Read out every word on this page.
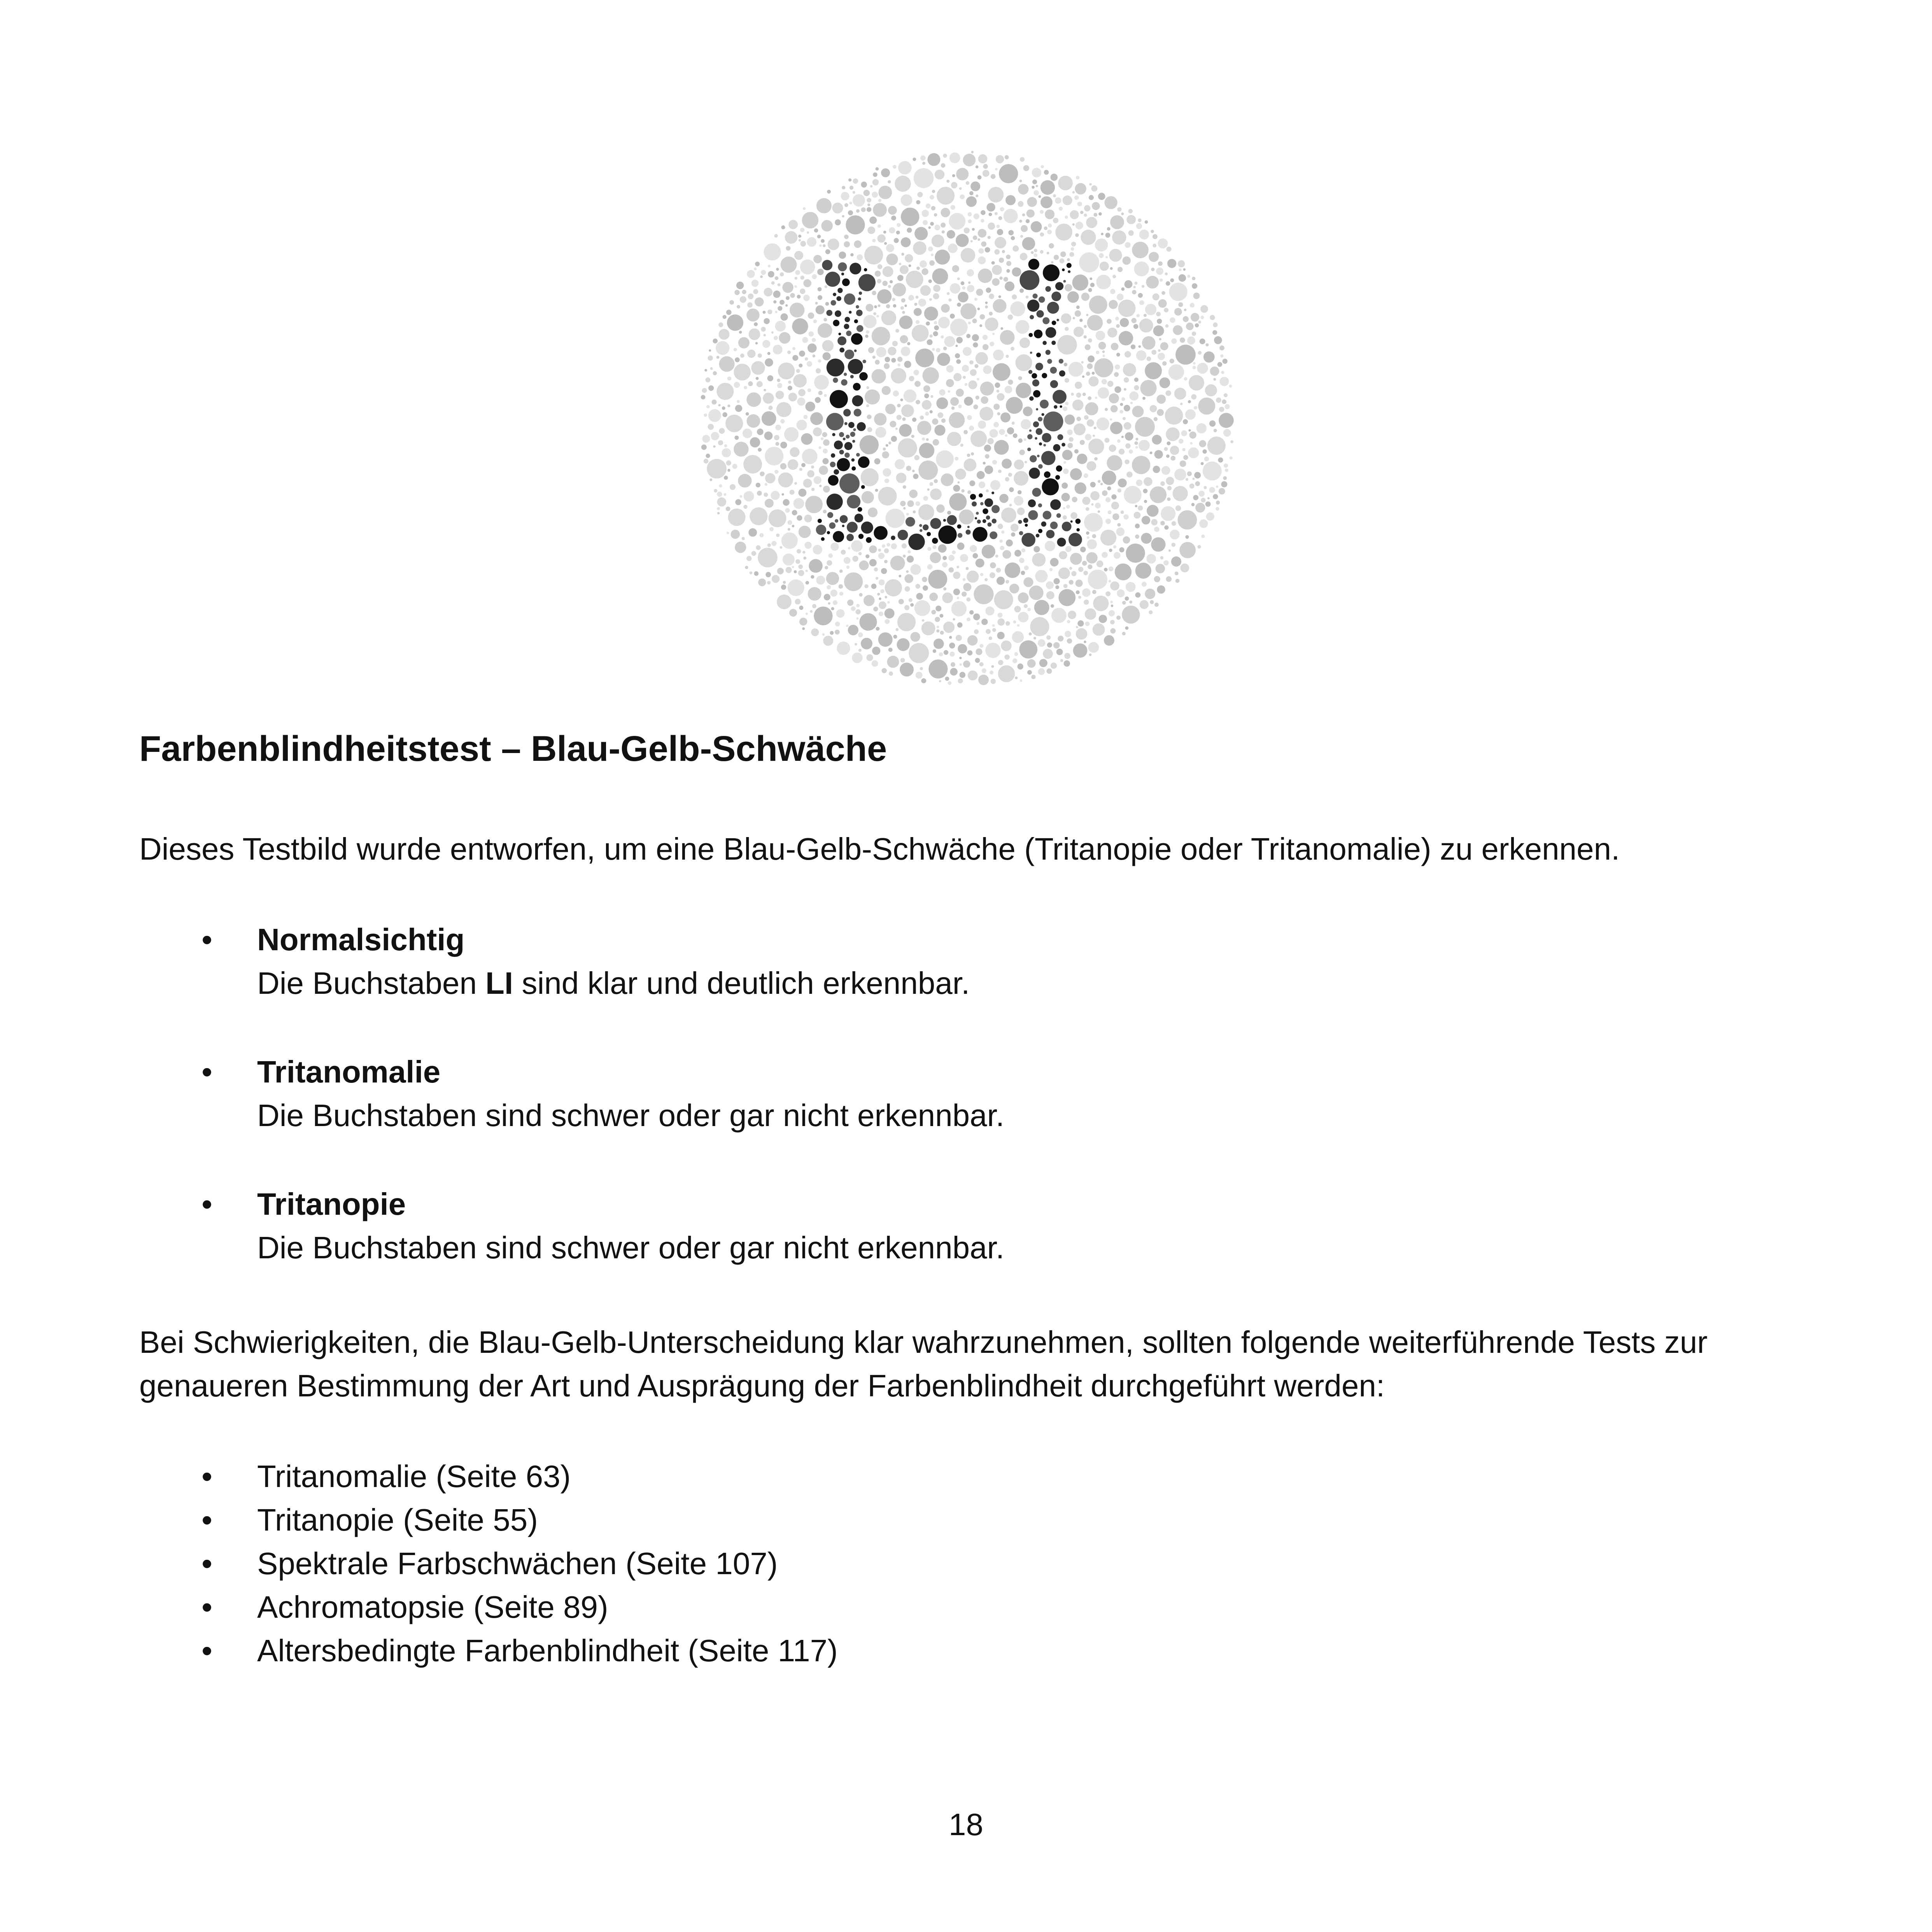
Farbenblindheitstest – Blau-Gelb-Schwäche

Dieses Testbild wurde entworfen, um eine Blau-Gelb-Schwäche (Tritanopie oder Tritanomalie) zu erkennen.

• Normalsichtig
Die Buchstaben LI sind klar und deutlich erkennbar.
• Tritanomalie
Die Buchstaben sind schwer oder gar nicht erkennbar.
• Tritanopie
Die Buchstaben sind schwer oder gar nicht erkennbar.

Bei Schwierigkeiten, die Blau-Gelb-Unterscheidung klar wahrzunehmen, sollten folgende weiterführende Tests zur genaueren Bestimmung der Art und Ausprägung der Farbenblindheit durchgeführt werden:

• Tritanomalie (Seite 63)
• Tritanopie (Seite 55)
• Spektrale Farbschwächen (Seite 107)
• Achromatopsie (Seite 89)
• Altersbedingte Farbenblindheit (Seite 117)

18
